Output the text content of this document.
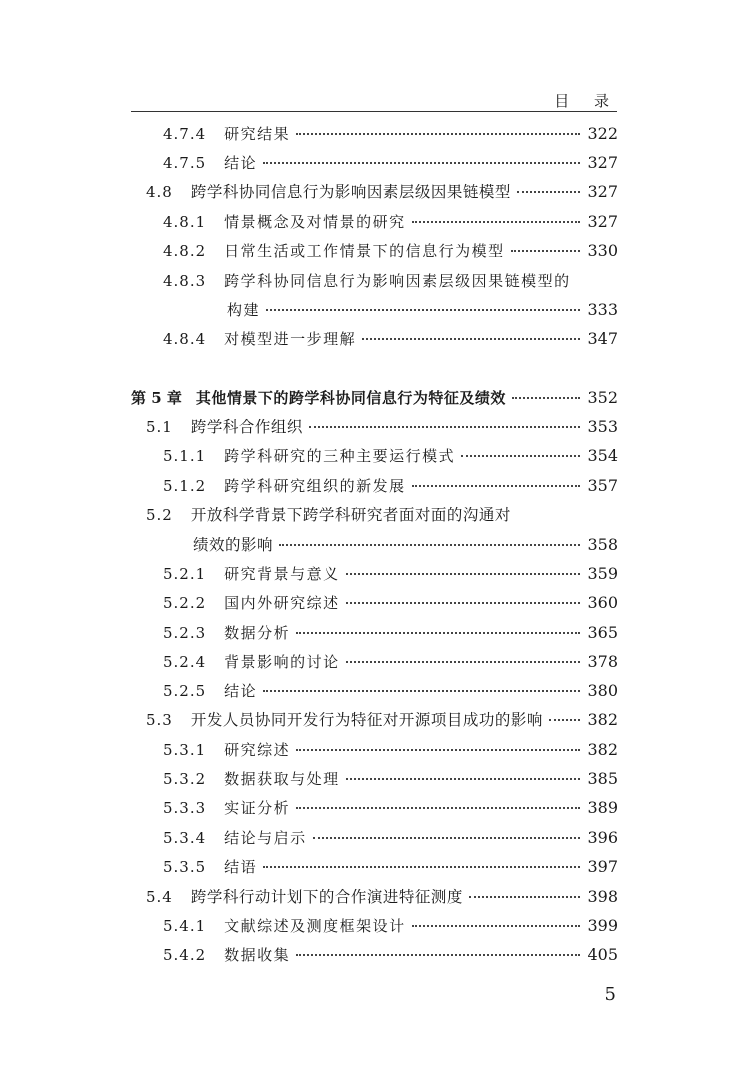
目 录
4.7.4	研究结果	322
4.7.5	结论	327
4.8	跨学科协同信息行为影响因素层级因果链模型	327
4.8.1	情景概念及对情景的研究	327
4.8.2	日常生活或工作情景下的信息行为模型	330
4.8.3	跨学科协同信息行为影响因素层级因果链模型的
构建	333
4.8.4	对模型进一步理解	347
第 5 章 其他情景下的跨学科协同信息行为特征及绩效	352
5.1	跨学科合作组织	353
5.1.1	跨学科研究的三种主要运行模式	354
5.1.2	跨学科研究组织的新发展	357
5.2	开放科学背景下跨学科研究者面对面的沟通对
绩效的影响	358
5.2.1	研究背景与意义	359
5.2.2	国内外研究综述	360
5.2.3	数据分析	365
5.2.4	背景影响的讨论	378
5.2.5	结论	380
5.3	开发人员协同开发行为特征对开源项目成功的影响	382
5.3.1	研究综述	382
5.3.2	数据获取与处理	385
5.3.3	实证分析	389
5.3.4	结论与启示	396
5.3.5	结语	397
5.4	跨学科行动计划下的合作演进特征测度	398
5.4.1	文献综述及测度框架设计	399
5.4.2	数据收集	405
5
